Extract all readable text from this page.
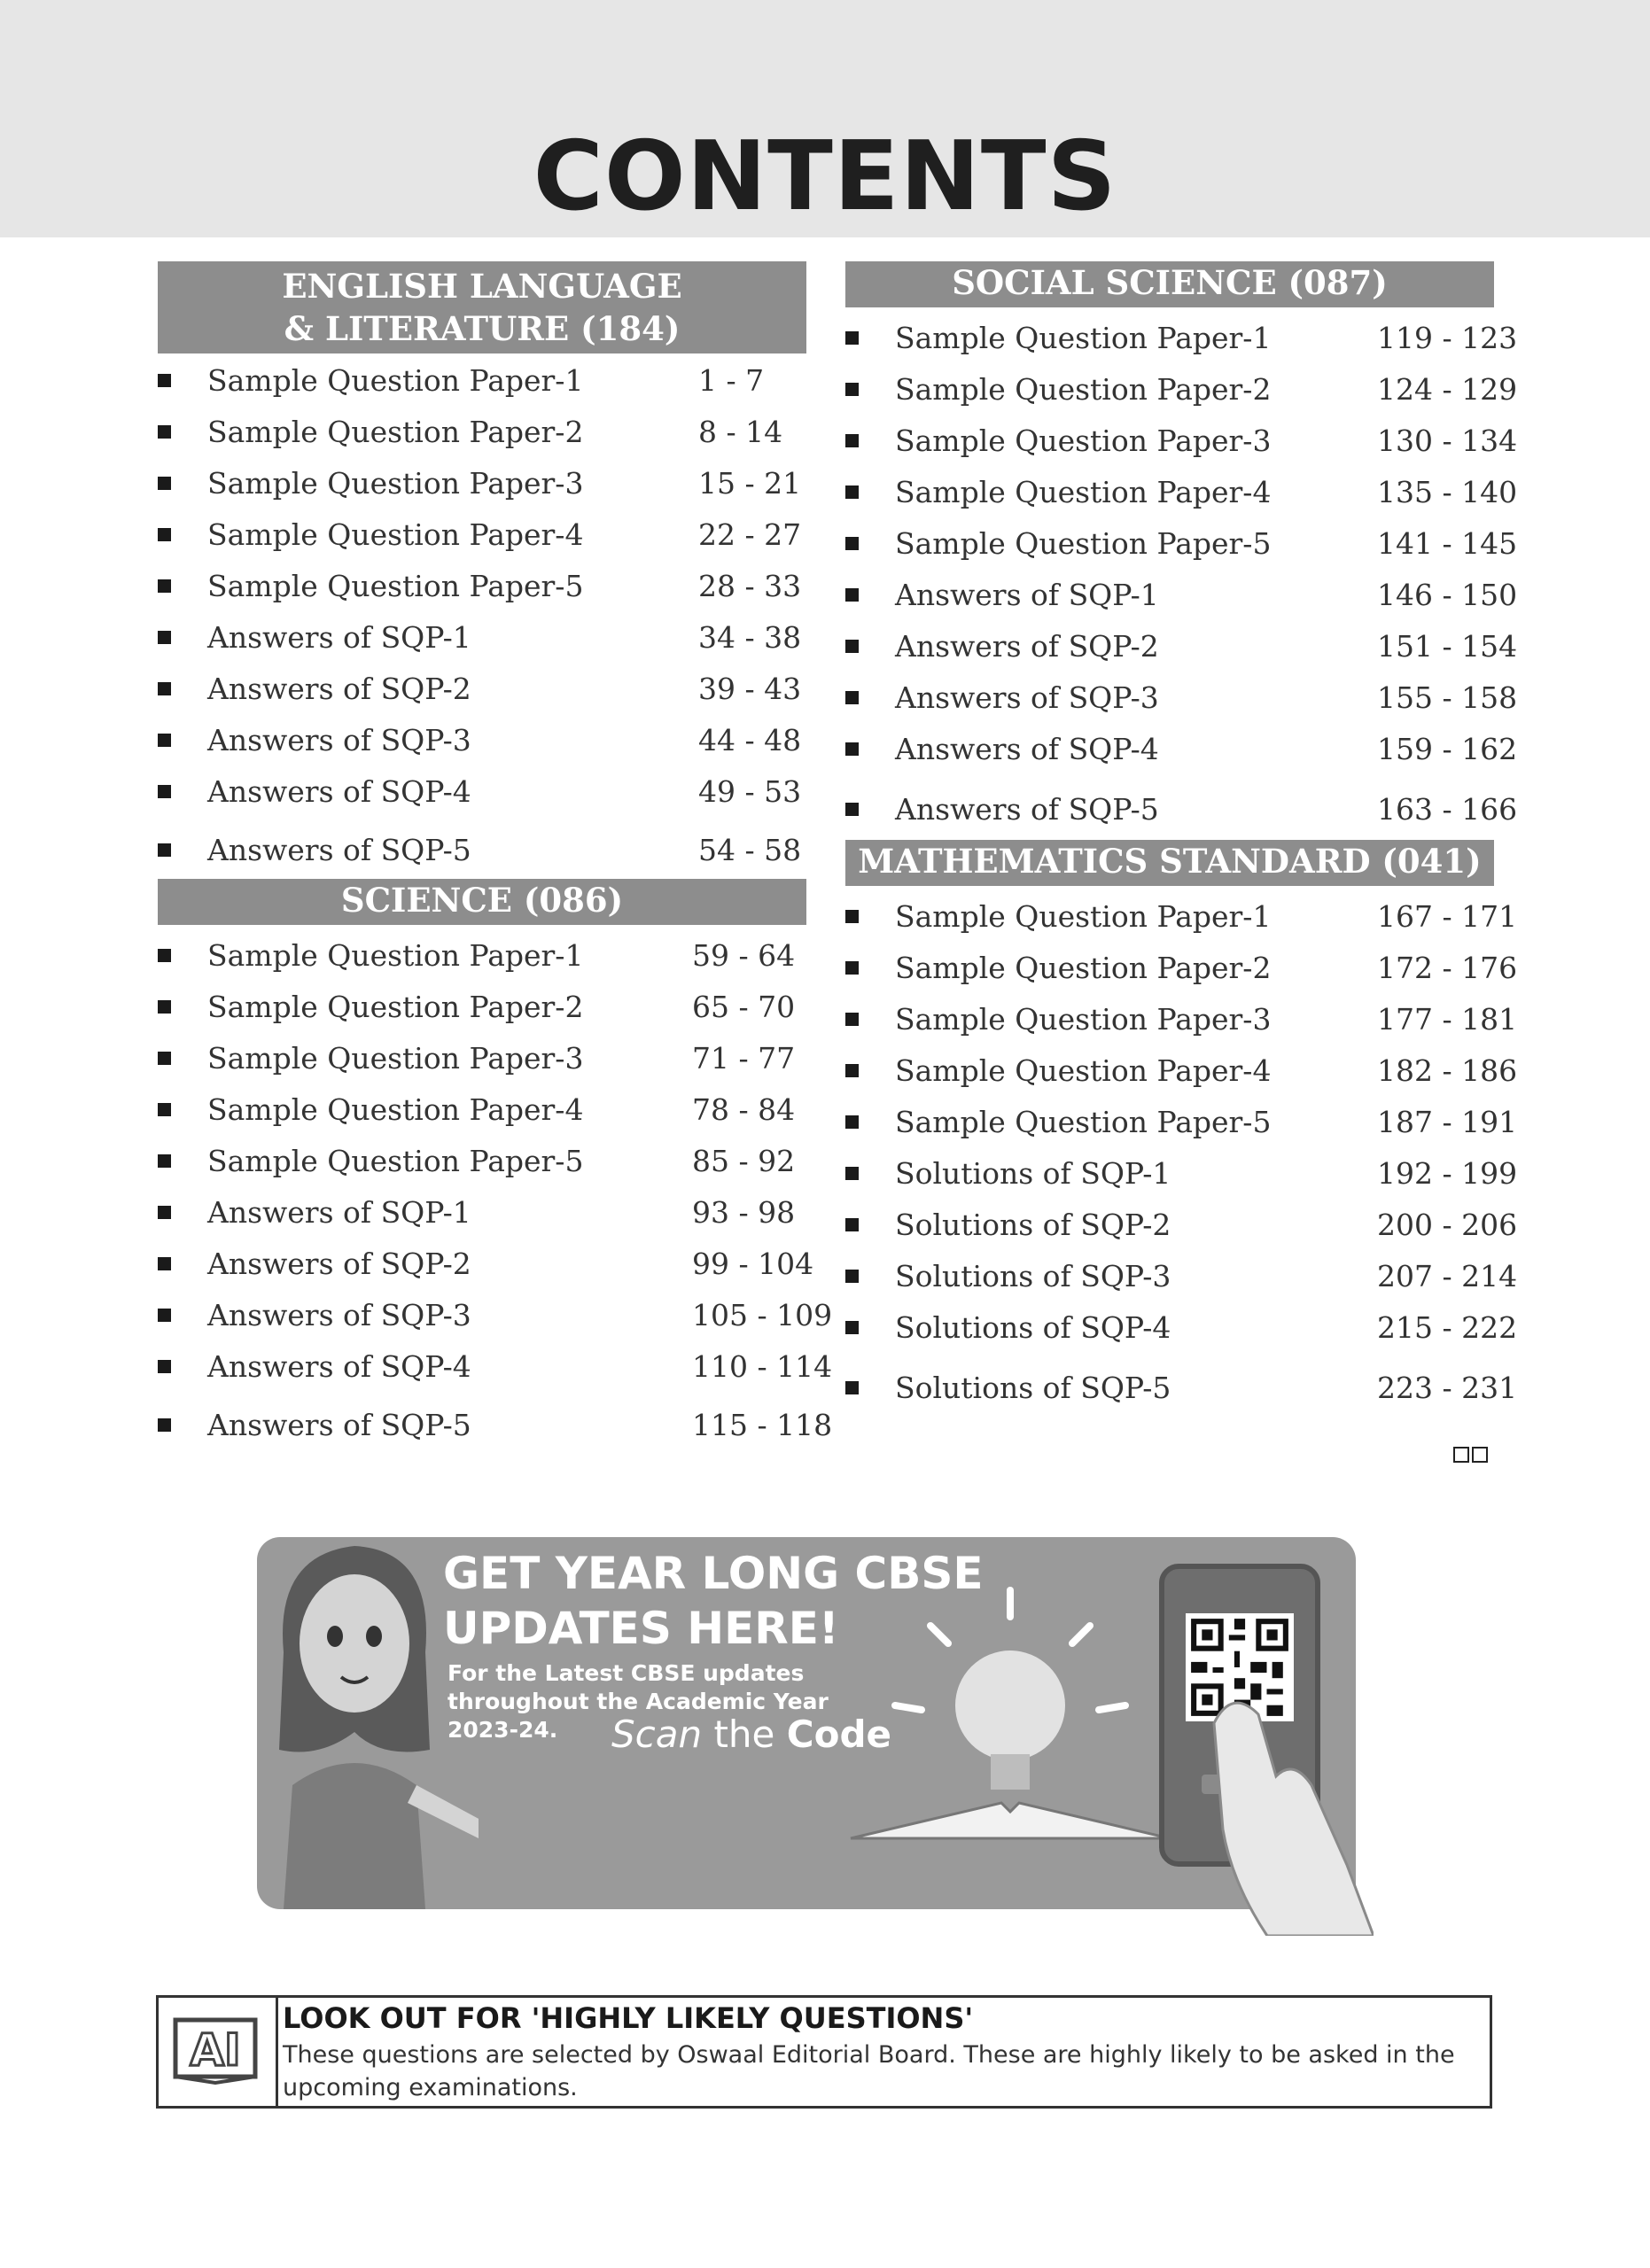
CONTENTS
ENGLISH LANGUAGE
& LITERATURE (184)
Sample Question Paper-1	1 - 7
Sample Question Paper-2	8 - 14
Sample Question Paper-3	15 - 21
Sample Question Paper-4	22 - 27
Sample Question Paper-5	28 - 33
Answers of SQP-1	34 - 38
Answers of SQP-2	39 - 43
Answers of SQP-3	44 - 48
Answers of SQP-4	49 - 53
Answers of SQP-5	54 - 58
SCIENCE (086)
Sample Question Paper-1	59 - 64
Sample Question Paper-2	65 - 70
Sample Question Paper-3	71 - 77
Sample Question Paper-4	78 - 84
Sample Question Paper-5	85 - 92
Answers of SQP-1	93 - 98
Answers of SQP-2	99 - 104
Answers of SQP-3	105 - 109
Answers of SQP-4	110 - 114
Answers of SQP-5	115 - 118
SOCIAL SCIENCE (087)
Sample Question Paper-1	119 - 123
Sample Question Paper-2	124 - 129
Sample Question Paper-3	130 - 134
Sample Question Paper-4	135 - 140
Sample Question Paper-5	141 - 145
Answers of SQP-1	146 - 150
Answers of SQP-2	151 - 154
Answers of SQP-3	155 - 158
Answers of SQP-4	159 - 162
Answers of SQP-5	163 - 166
MATHEMATICS STANDARD (041)
Sample Question Paper-1	167 - 171
Sample Question Paper-2	172 - 176
Sample Question Paper-3	177 - 181
Sample Question Paper-4	182 - 186
Sample Question Paper-5	187 - 191
Solutions of SQP-1	192 - 199
Solutions of SQP-2	200 - 206
Solutions of SQP-3	207 - 214
Solutions of SQP-4	215 - 222
Solutions of SQP-5	223 - 231
GET YEAR LONG CBSE
UPDATES HERE!
For the Latest CBSE updates
throughout the Academic Year
2023-24.	Scan the Code
AI
LOOK OUT FOR 'HIGHLY LIKELY QUESTIONS'
These questions are selected by Oswaal Editorial Board. These are highly likely to be asked in the upcoming examinations.
